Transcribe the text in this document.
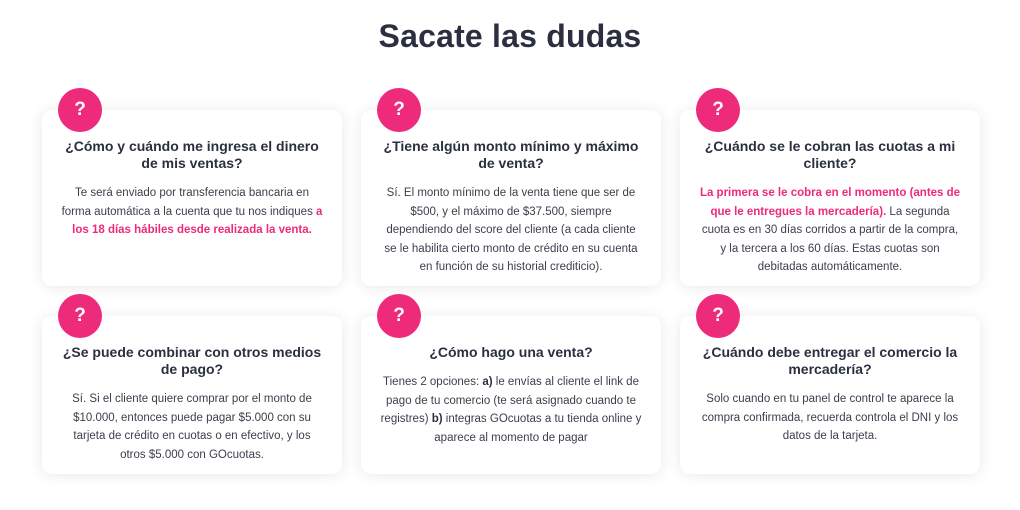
Sacate las dudas
?

¿Cómo y cuándo me ingresa el dinero de mis ventas?

Te será enviado por transferencia bancaria en forma automática a la cuenta que tu nos indiques a los 18 días hábiles desde realizada la venta.

?

¿Tiene algún monto mínimo y máximo de venta?

Sí. El monto mínimo de la venta tiene que ser de $500, y el máximo de $37.500, siempre dependiendo del score del cliente (a cada cliente se le habilita cierto monto de crédito en su cuenta en función de su historial crediticio).

?

¿Cuándo se le cobran las cuotas a mi cliente?

La primera se le cobra en el momento (antes de que le entregues la mercadería). La segunda cuota es en 30 días corridos a partir de la compra, y la tercera a los 60 días. Estas cuotas son debitadas automáticamente.

?

¿Se puede combinar con otros medios de pago?

Sí. Si el cliente quiere comprar por el monto de $10.000, entonces puede pagar $5.000 con su tarjeta de crédito en cuotas o en efectivo, y los otros $5.000 con GOcuotas.

?

¿Cómo hago una venta?

Tienes 2 opciones: a) le envías al cliente el link de pago de tu comercio (te será asignado cuando te registres) b) integras GOcuotas a tu tienda online y aparece al momento de pagar

?

¿Cuándo debe entregar el comercio la mercadería?

Solo cuando en tu panel de control te aparece la compra confirmada, recuerda controla el DNI y los datos de la tarjeta.
